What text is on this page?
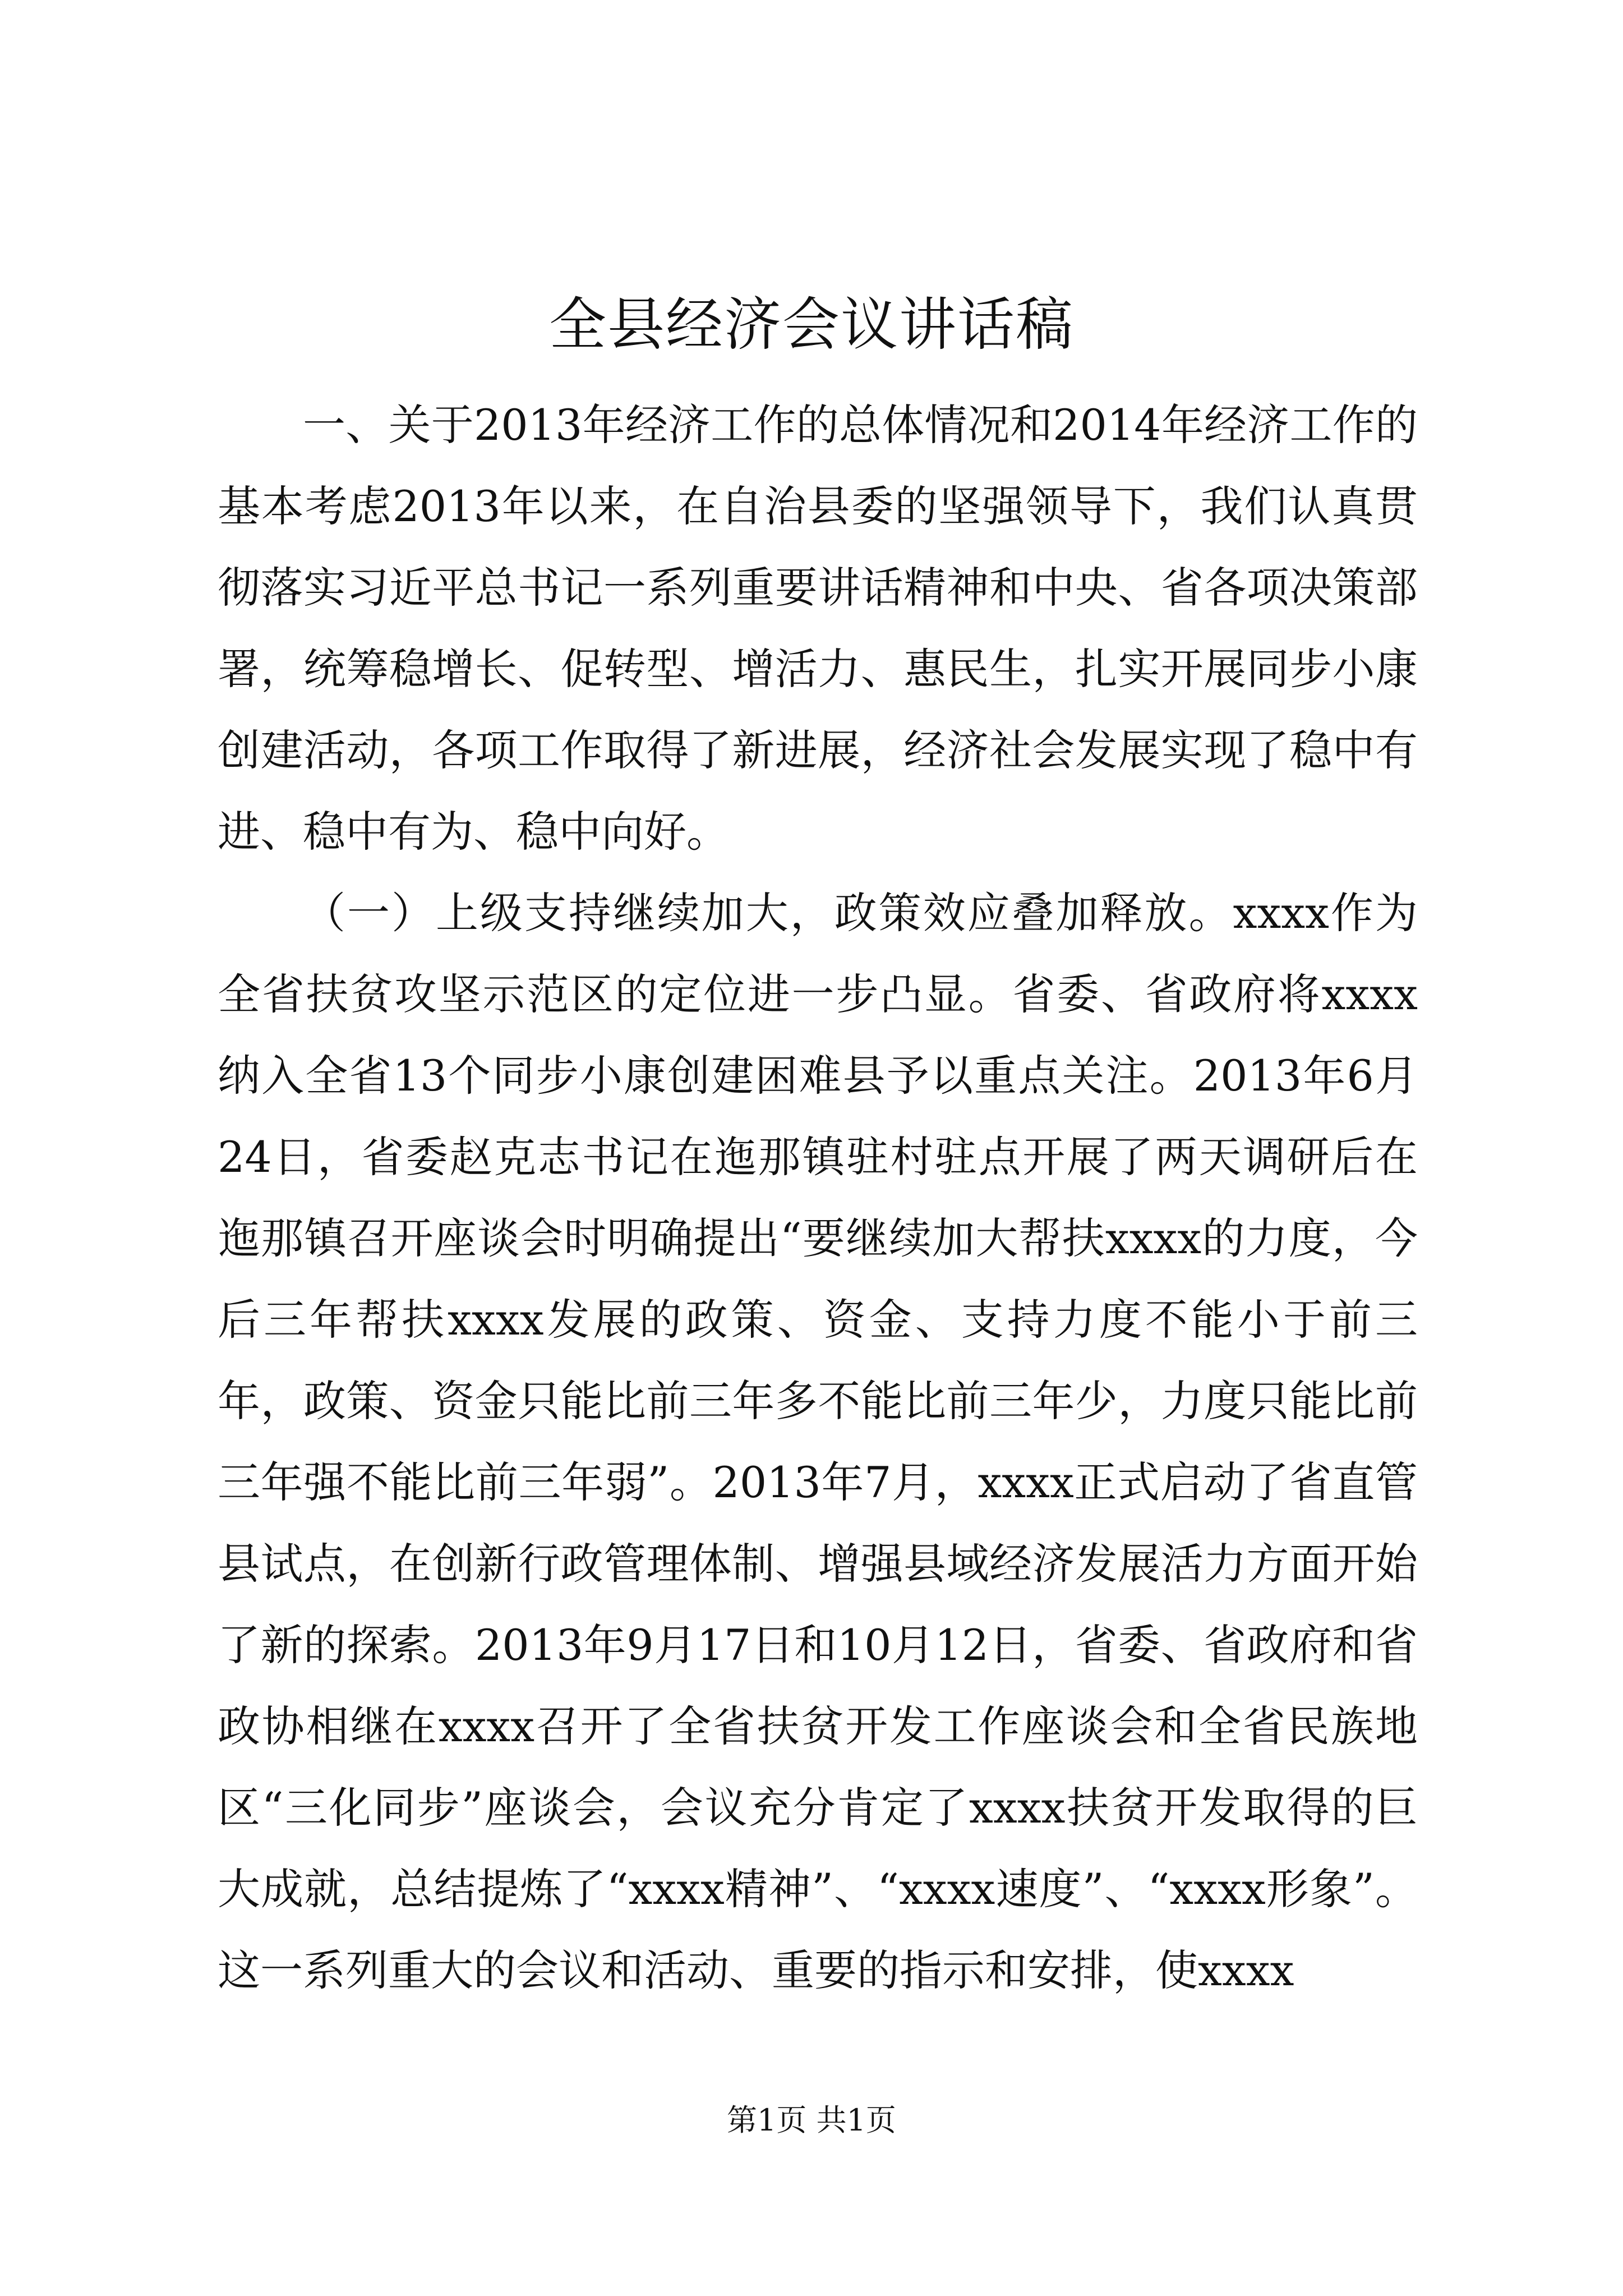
全县经济会议讲话稿

一、关于2013年经济工作的总体情况和2014年经济工作的基本考虑2013年以来，在自治县委的坚强领导下，我们认真贯彻落实习近平总书记一系列重要讲话精神和中央、省各项决策部署，统筹稳增长、促转型、增活力、惠民生，扎实开展同步小康创建活动，各项工作取得了新进展，经济社会发展实现了稳中有进、稳中有为、稳中向好。

（一）上级支持继续加大，政策效应叠加释放。xxxx作为全省扶贫攻坚示范区的定位进一步凸显。省委、省政府将xxxx纳入全省13个同步小康创建困难县予以重点关注。2013年6月24日，省委赵克志书记在迤那镇驻村驻点开展了两天调研后在迤那镇召开座谈会时明确提出“要继续加大帮扶xxxx的力度，今后三年帮扶xxxx发展的政策、资金、支持力度不能小于前三年，政策、资金只能比前三年多不能比前三年少，力度只能比前三年强不能比前三年弱”。2013年7月，xxxx正式启动了省直管县试点，在创新行政管理体制、增强县域经济发展活力方面开始了新的探索。2013年9月17日和10月12日，省委、省政府和省政协相继在xxxx召开了全省扶贫开发工作座谈会和全省民族地区“三化同步”座谈会，会议充分肯定了xxxx扶贫开发取得的巨大成就，总结提炼了“xxxx精神”、“xxxx速度”、“xxxx形象”。这一系列重大的会议和活动、重要的指示和安排，使xxxx

第1页 共1页
